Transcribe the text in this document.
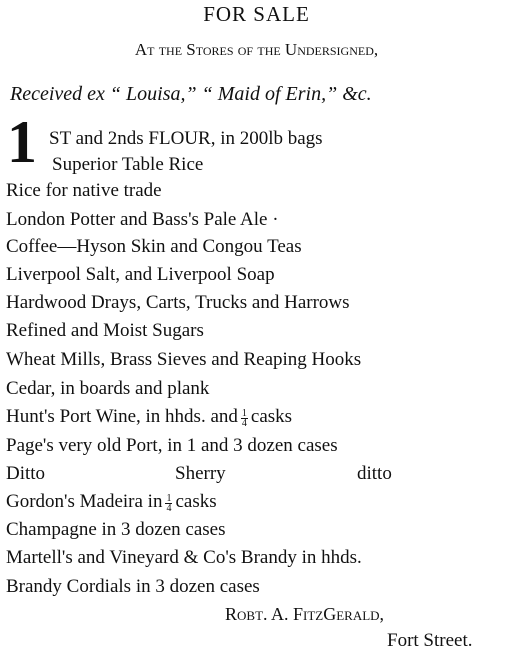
FOR SALE
At the Stores of the Undersigned,
Received ex “ Louisa,” “ Maid of Erin,” &c.
1 ST and 2nds FLOUR, in 200lb bags
Superior Table Rice
Rice for native trade
London Potter and Bass's Pale Ale ·
Coffee—Hyson Skin and Congou Teas
Liverpool Salt, and Liverpool Soap
Hardwood Drays, Carts, Trucks and Harrows
Refined and Moist Sugars
Wheat Mills, Brass Sieves and Reaping Hooks
Cedar, in boards and plank
Hunt's Port Wine, in hhds. and $\frac{1}{4}$ casks
Page's very old Port, in 1 and 3 dozen cases
Ditto	Sherry	ditto
Gordon's Madeira in $\frac{1}{4}$ casks
Champagne in 3 dozen cases
Martell's and Vineyard & Co's Brandy in hhds.
Brandy Cordials in 3 dozen cases
Robt. A. FitzGerald,
Fort Street.
